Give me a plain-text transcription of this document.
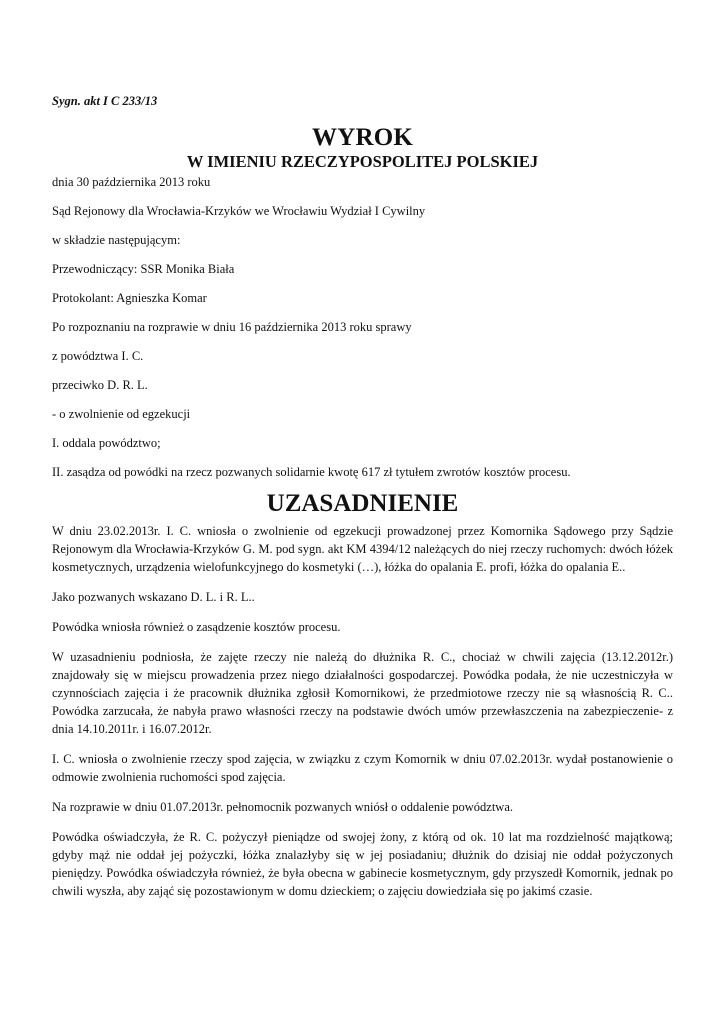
Sygn. akt I C 233/13

WYROK
W IMIENIU RZECZYPOSPOLITEJ POLSKIEJ

dnia 30 października 2013 roku

Sąd Rejonowy dla Wrocławia-Krzyków we Wrocławiu Wydział I Cywilny

w składzie następującym:

Przewodniczący: SSR Monika Biała

Protokolant: Agnieszka Komar

Po rozpoznaniu na rozprawie w dniu 16 października 2013 roku sprawy

z powództwa I. C.

przeciwko D. R. L.

- o zwolnienie od egzekucji

I. oddala powództwo;

II. zasądza od powódki na rzecz pozwanych solidarnie kwotę 617 zł tytułem zwrotów kosztów procesu.

UZASADNIENIE

W dniu 23.02.2013r. I. C. wniosła o zwolnienie od egzekucji prowadzonej przez Komornika Sądowego przy Sądzie Rejonowym dla Wrocławia-Krzyków G. M. pod sygn. akt KM 4394/12 należących do niej rzeczy ruchomych: dwóch łóżek kosmetycznych, urządzenia wielofunkcyjnego do kosmetyki (…), łóżka do opalania E. profi, łóżka do opalania E..

Jako pozwanych wskazano D. L. i R. L..

Powódka wniosła również o zasądzenie kosztów procesu.

W uzasadnieniu podniosła, że zajęte rzeczy nie należą do dłużnika R. C., chociaż w chwili zajęcia (13.12.2012r.) znajdowały się w miejscu prowadzenia przez niego działalności gospodarczej. Powódka podała, że nie uczestniczyła w czynnościach zajęcia i że pracownik dłużnika zgłosił Komornikowi, że przedmiotowe rzeczy nie są własnością R. C.. Powódka zarzucała, że nabyła prawo własności rzeczy na podstawie dwóch umów przewłaszczenia na zabezpieczenie- z dnia 14.10.2011r. i 16.07.2012r.

I. C. wniosła o zwolnienie rzeczy spod zajęcia, w związku z czym Komornik w dniu 07.02.2013r. wydał postanowienie o odmowie zwolnienia ruchomości spod zajęcia.

Na rozprawie w dniu 01.07.2013r. pełnomocnik pozwanych wniósł o oddalenie powództwa.

Powódka oświadczyła, że R. C. pożyczył pieniądze od swojej żony, z którą od ok. 10 lat ma rozdzielność majątkową; gdyby mąż nie oddał jej pożyczki, łóżka znalazłyby się w jej posiadaniu; dłużnik do dzisiaj nie oddał pożyczonych pieniędzy. Powódka oświadczyła również, że była obecna w gabinecie kosmetycznym, gdy przyszedł Komornik, jednak po chwili wyszła, aby zająć się pozostawionym w domu dzieckiem; o zajęciu dowiedziała się po jakimś czasie.
